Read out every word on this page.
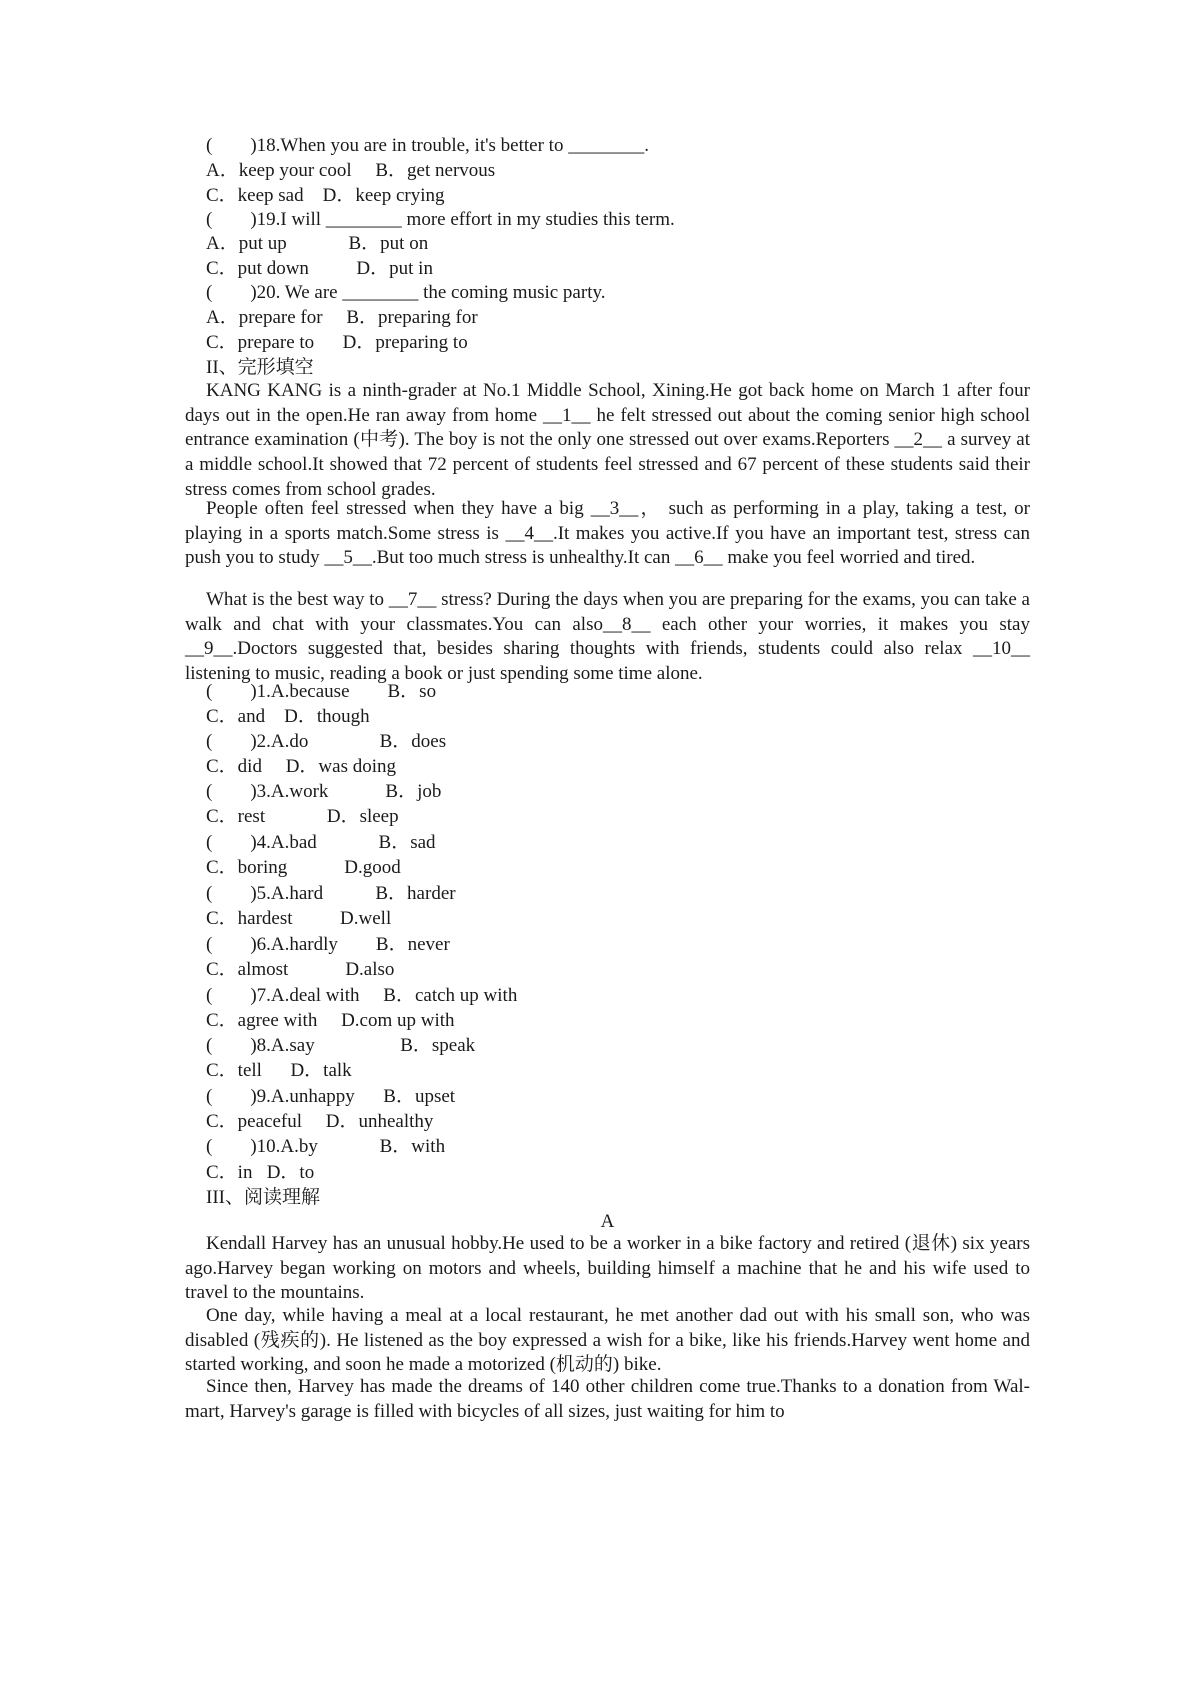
(        )18.When you are in trouble, it's better to ________.
A．keep your cool     B．get nervous
C．keep sad    D．keep crying
(        )19.I will ________ more effort in my studies this term.
A．put up             B．put on
C．put down          D．put in
(        )20. We are ________ the coming music party.
A．prepare for     B．preparing for
C．prepare to      D．preparing to
II、完形填空
KANG KANG is a ninth-grader at No.1 Middle School, Xining.He got back home on March 1 after four days out in the open.He ran away from home __1__ he felt stressed out about the coming senior high school entrance examination (中考). The boy is not the only one stressed out over exams.Reporters __2__ a survey at a middle school.It showed that 72 percent of students feel stressed and 67 percent of these students said their stress comes from school grades.
People often feel stressed when they have a big __3__， such as performing in a play, taking a test, or playing in a sports match.Some stress is __4__.It makes you active.If you have an important test, stress can push you to study __5__.But too much stress is unhealthy.It can __6__ make you feel worried and tired.
What is the best way to __7__ stress? During the days when you are preparing for the exams, you can take a walk and chat with your classmates.You can also__8__ each other your worries, it makes you stay __9__.Doctors suggested that, besides sharing thoughts with friends, students could also relax __10__ listening to music, reading a book or just spending some time alone.
(        )1.A.because        B．so
C．and    D．though
(        )2.A.do               B．does
C．did     D．was doing
(        )3.A.work            B．job
C．rest             D．sleep
(        )4.A.bad             B．sad
C．boring            D.good
(        )5.A.hard           B．harder
C．hardest          D.well
(        )6.A.hardly        B．never
C．almost            D.also
(        )7.A.deal with     B．catch up with
C．agree with     D.com up with
(        )8.A.say                  B．speak
C．tell      D．talk
(        )9.A.unhappy      B．upset
C．peaceful     D．unhealthy
(        )10.A.by             B．with
C．in   D．to
III、阅读理解
A
Kendall Harvey has an unusual hobby.He used to be a worker in a bike factory and retired (退休) six years ago.Harvey began working on motors and wheels, building himself a machine that he and his wife used to travel to the mountains.
One day, while having a meal at a local restaurant, he met another dad out with his small son, who was disabled (残疾的). He listened as the boy expressed a wish for a bike, like his friends.Harvey went home and started working, and soon he made a motorized (机动的) bike.
Since then, Harvey has made the dreams of 140 other children come true.Thanks to a donation from Wal-mart, Harvey's garage is filled with bicycles of all sizes, just waiting for him to
